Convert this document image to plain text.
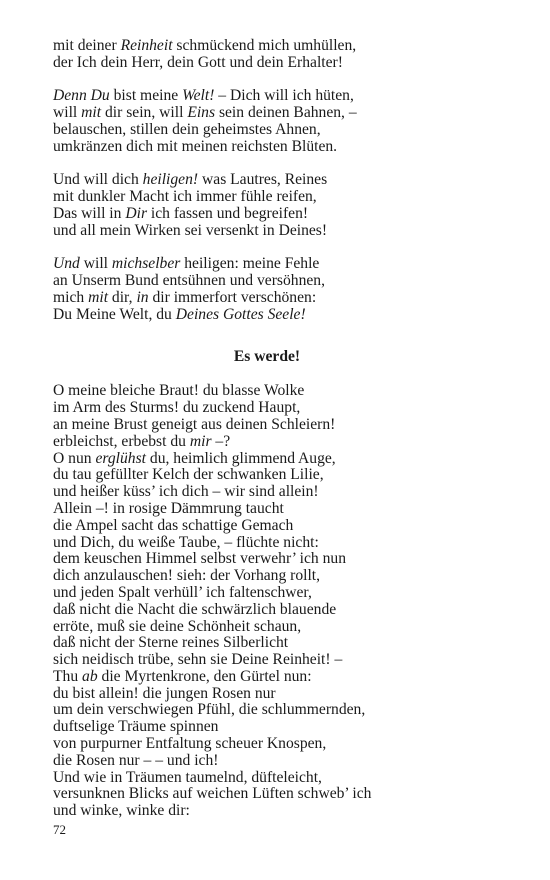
mit deiner Reinheit schmückend mich umhüllen,
der Ich dein Herr, dein Gott und dein Erhalter!
Denn Du bist meine Welt! – Dich will ich hüten,
will mit dir sein, will Eins sein deinen Bahnen, –
belauschen, stillen dein geheimstes Ahnen,
umkränzen dich mit meinen reichsten Blüten.
Und will dich heiligen! was Lautres, Reines
mit dunkler Macht ich immer fühle reifen,
Das will in Dir ich fassen und begreifen!
und all mein Wirken sei versenkt in Deines!
Und will michselber heiligen: meine Fehle
an Unserm Bund entsühnen und versöhnen,
mich mit dir, in dir immerfort verschönen:
Du Meine Welt, du Deines Gottes Seele!
Es werde!
O meine bleiche Braut! du blasse Wolke
im Arm des Sturms! du zuckend Haupt,
an meine Brust geneigt aus deinen Schleiern!
erbleichst, erbebst du mir –?
O nun erglühst du, heimlich glimmend Auge,
du tau gefüllter Kelch der schwanken Lilie,
und heißer küss’ ich dich – wir sind allein!
Allein –! in rosige Dämmrung taucht
die Ampel sacht das schattige Gemach
und Dich, du weiße Taube, – flüchte nicht:
dem keuschen Himmel selbst verwehr’ ich nun
dich anzulauschen! sieh: der Vorhang rollt,
und jeden Spalt verhüll’ ich faltenschwer,
daß nicht die Nacht die schwärzlich blauende
erröte, muß sie deine Schönheit schaun,
daß nicht der Sterne reines Silberlicht
sich neidisch trübe, sehn sie Deine Reinheit! –
Thu ab die Myrtenkrone, den Gürtel nun:
du bist allein! die jungen Rosen nur
um dein verschwiegen Pfühl, die schlummernden,
duftselige Träume spinnen
von purpurner Entfaltung scheuer Knospen,
die Rosen nur – – und ich!
Und wie in Träumen taumelnd, düfteleicht,
versunknen Blicks auf weichen Lüften schweb’ ich
und winke, winke dir:
72
